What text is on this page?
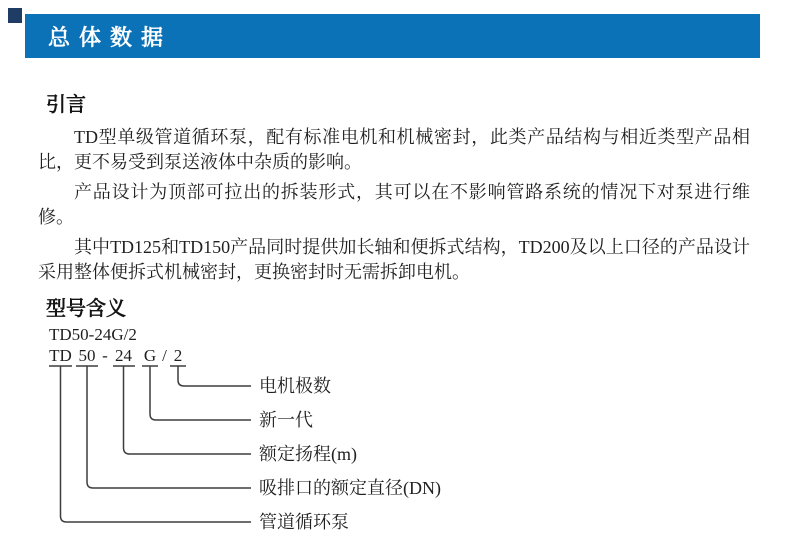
总体数据
引言

TD型单级管道循环泵，配有标准电机和机械密封，此类产品结构与相近类型产品相比，更不易受到泵送液体中杂质的影响。

产品设计为顶部可拉出的拆装形式，其可以在不影响管路系统的情况下对泵进行维修。

其中TD125和TD150产品同时提供加长轴和便拆式结构，TD200及以上口径的产品设计采用整体便拆式机械密封，更换密封时无需拆卸电机。

型号含义
TD50-24G/2
TD 50 - 24 G / 2
电机极数
新一代
额定扬程(m)
吸排口的额定直径(DN)
管道循环泵
